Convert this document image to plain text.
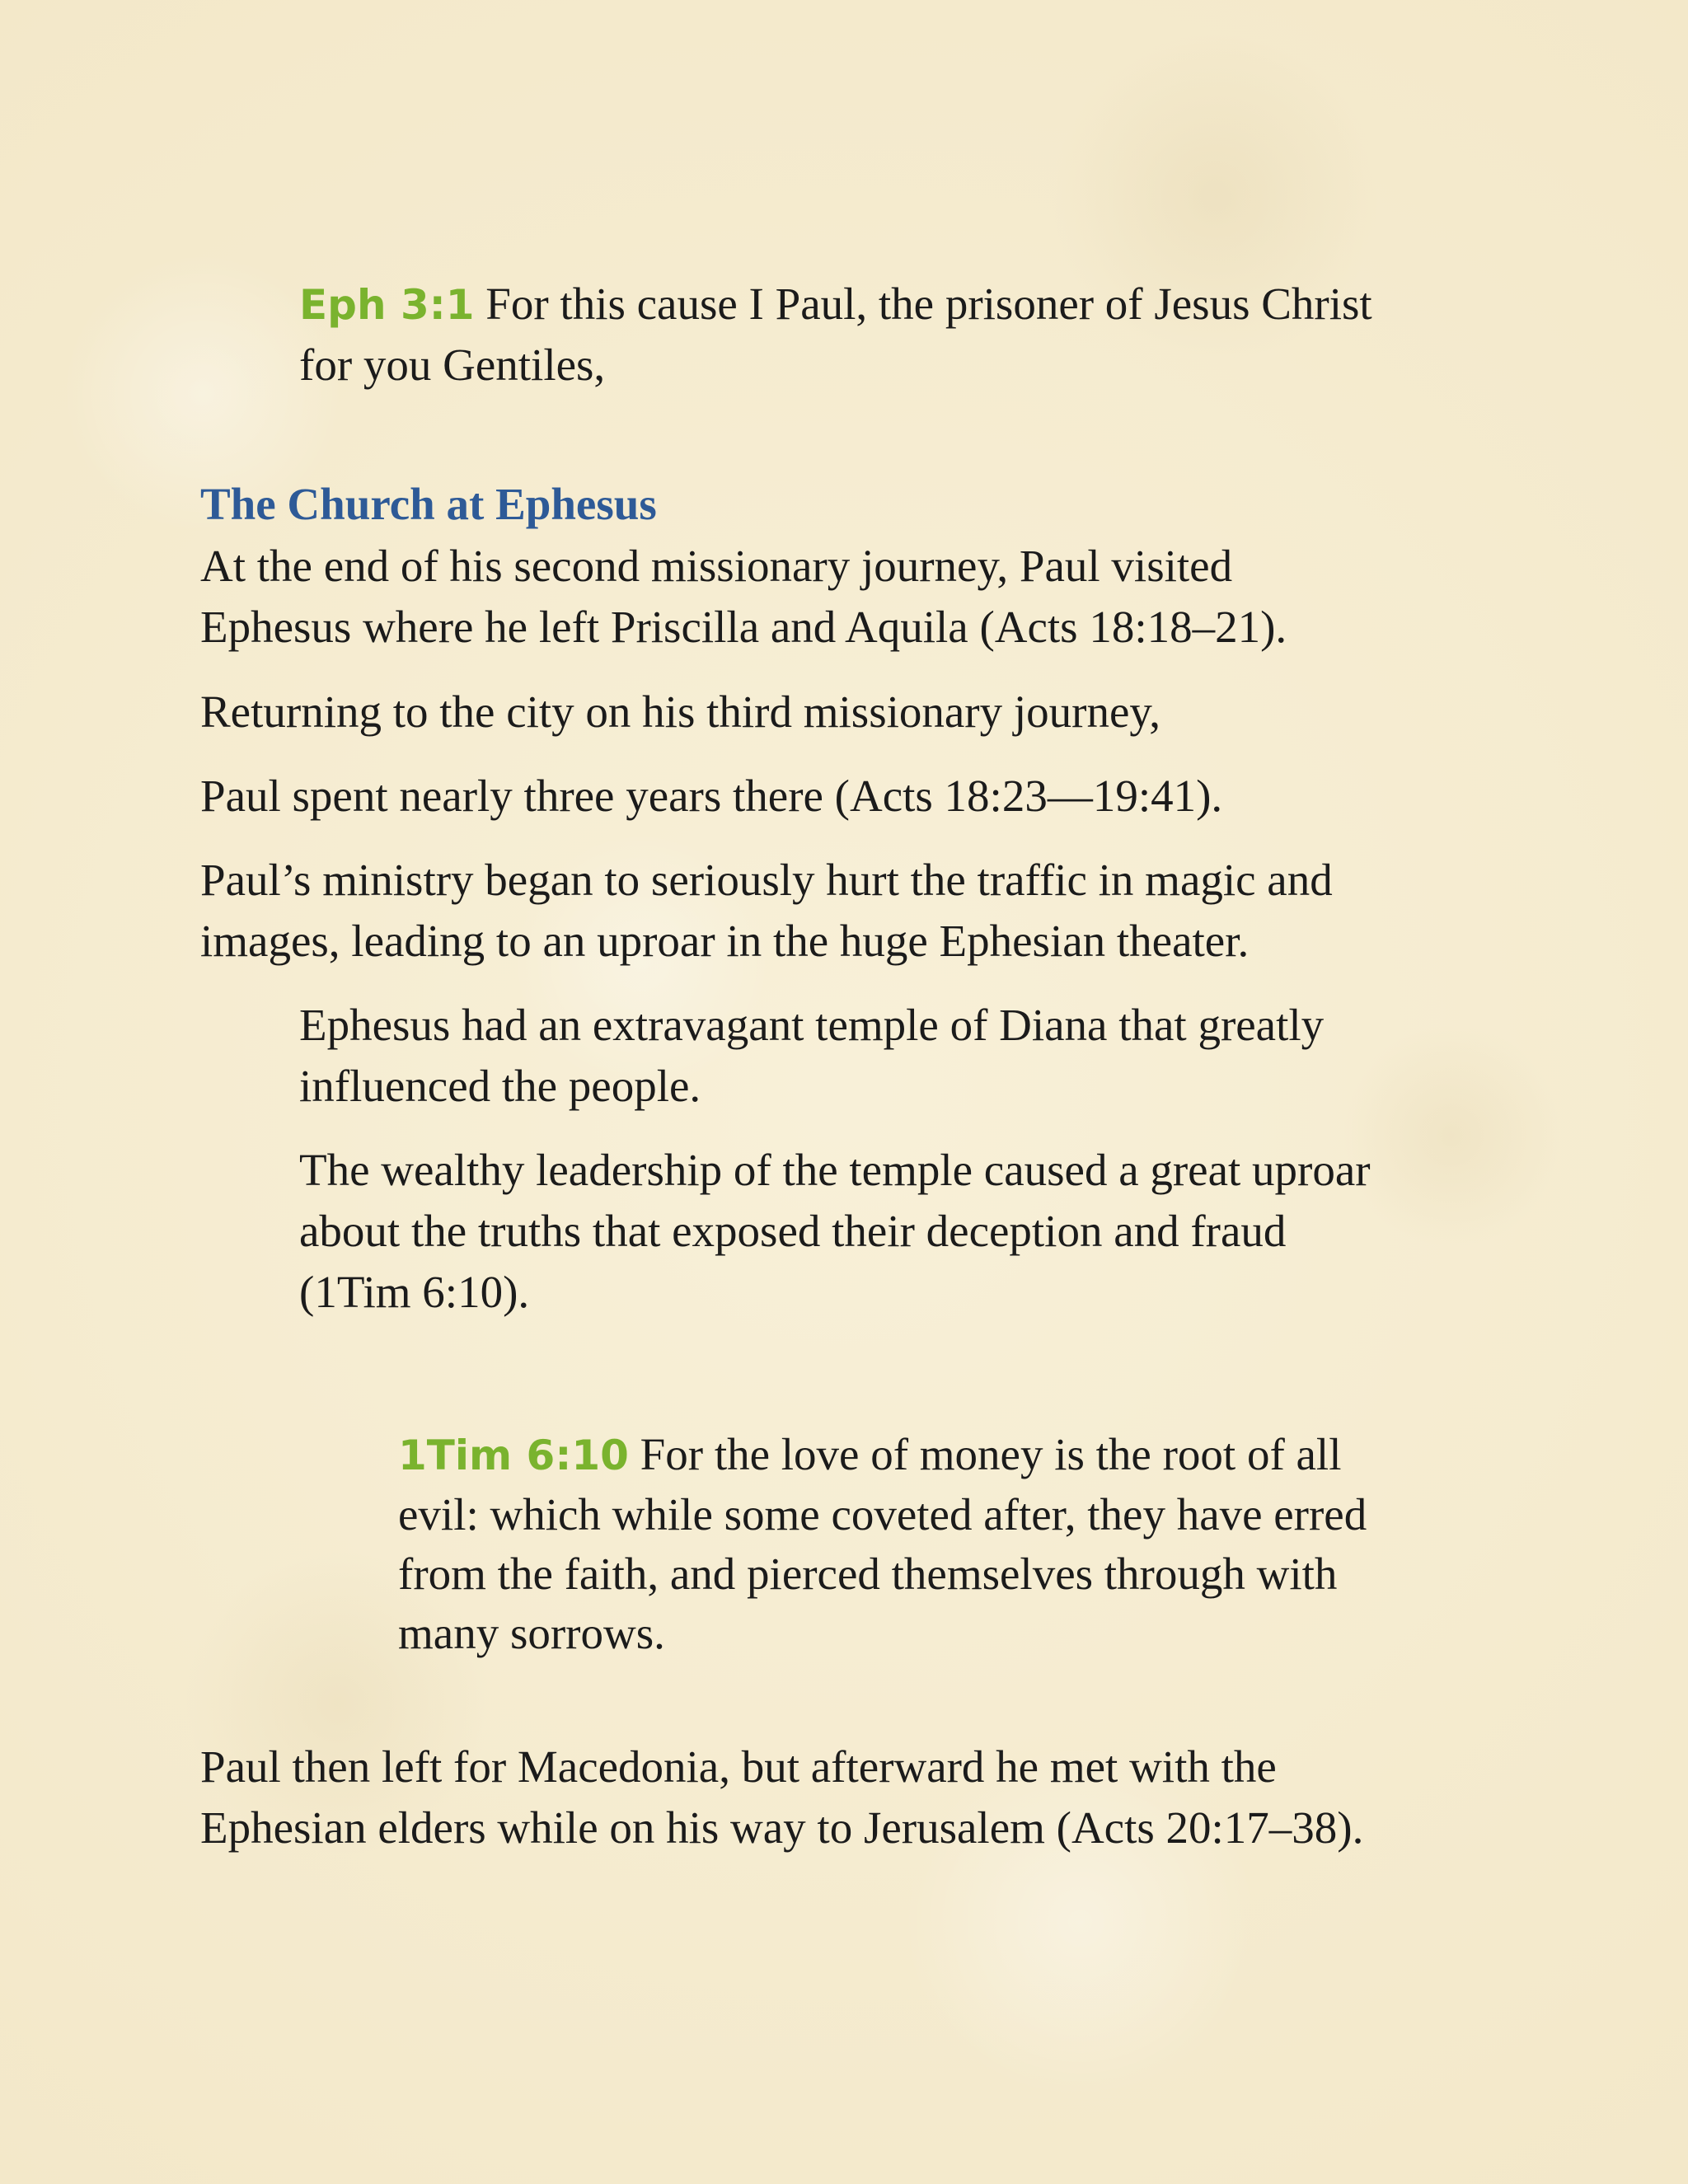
Eph 3:1 For this cause I Paul, the prisoner of Jesus Christ
for you Gentiles,
The Church at Ephesus
At the end of his second missionary journey, Paul visited
Ephesus where he left Priscilla and Aquila (Acts 18:18–21).
Returning to the city on his third missionary journey,
Paul spent nearly three years there (Acts 18:23—19:41).
Paul’s ministry began to seriously hurt the traffic in magic and
images, leading to an uproar in the huge Ephesian theater.
Ephesus had an extravagant temple of Diana that greatly
influenced the people.
The wealthy leadership of the temple caused a great uproar
about the truths that exposed their deception and fraud
(1Tim 6:10).
1Tim 6:10 For the love of money is the root of all
evil: which while some coveted after, they have erred
from the faith, and pierced themselves through with
many sorrows.
Paul then left for Macedonia, but afterward he met with the
Ephesian elders while on his way to Jerusalem (Acts 20:17–38).
